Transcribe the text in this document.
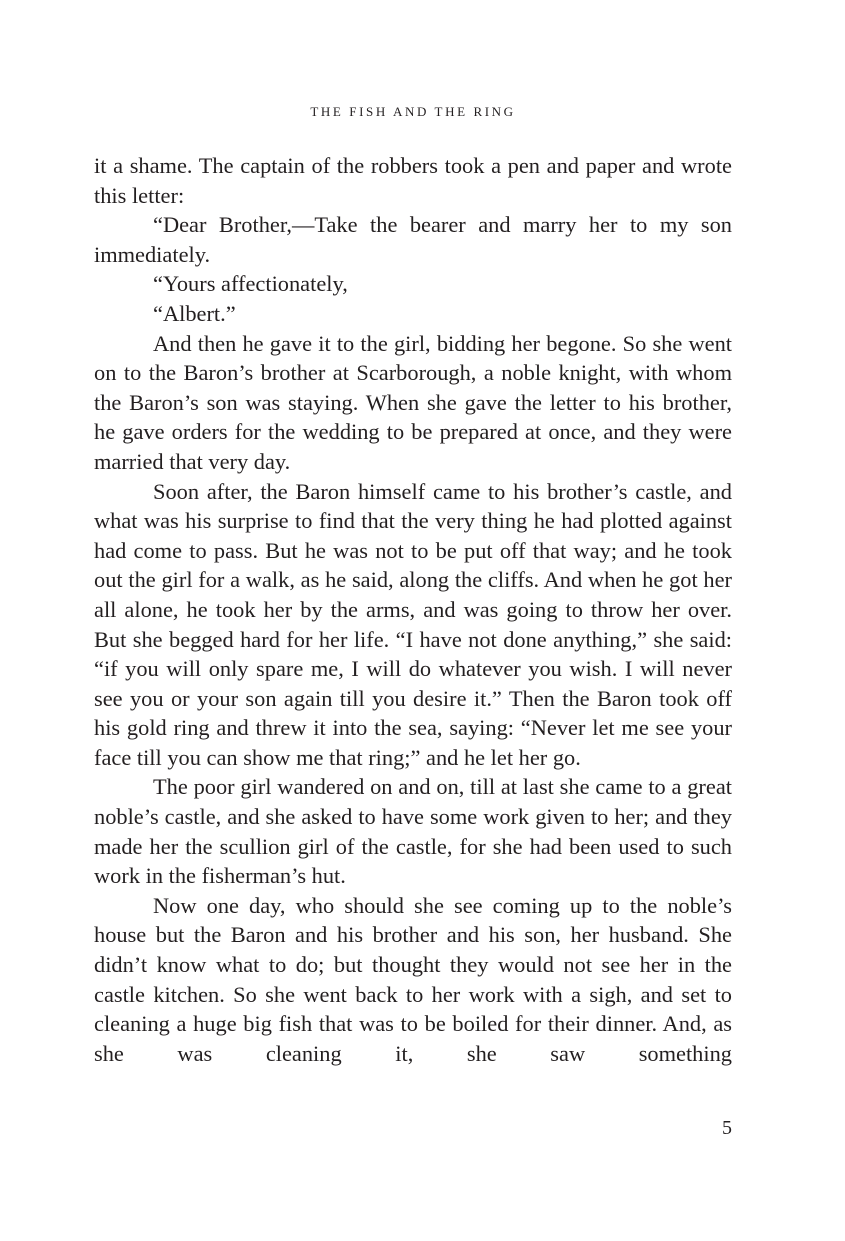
THE FISH AND THE RING

it a shame. The captain of the robbers took a pen and paper and wrote this letter:

“Dear Brother,—Take the bearer and marry her to my son immediately.

“Yours affectionately,

“Albert.”

And then he gave it to the girl, bidding her begone. So she went on to the Baron’s brother at Scarborough, a noble knight, with whom the Baron’s son was staying. When she gave the letter to his brother, he gave orders for the wedding to be prepared at once, and they were married that very day.

Soon after, the Baron himself came to his brother’s castle, and what was his surprise to find that the very thing he had plotted against had come to pass. But he was not to be put off that way; and he took out the girl for a walk, as he said, along the cliffs. And when he got her all alone, he took her by the arms, and was going to throw her over. But she begged hard for her life. “I have not done anything,” she said: “if you will only spare me, I will do whatever you wish. I will never see you or your son again till you desire it.” Then the Baron took off his gold ring and threw it into the sea, saying: “Never let me see your face till you can show me that ring;” and he let her go.

The poor girl wandered on and on, till at last she came to a great noble’s castle, and she asked to have some work given to her; and they made her the scullion girl of the castle, for she had been used to such work in the fisherman’s hut.

Now one day, who should she see coming up to the noble’s house but the Baron and his brother and his son, her husband. She didn’t know what to do; but thought they would not see her in the castle kitchen. So she went back to her work with a sigh, and set to cleaning a huge big fish that was to be boiled for their dinner. And, as she was cleaning it, she saw something

5
